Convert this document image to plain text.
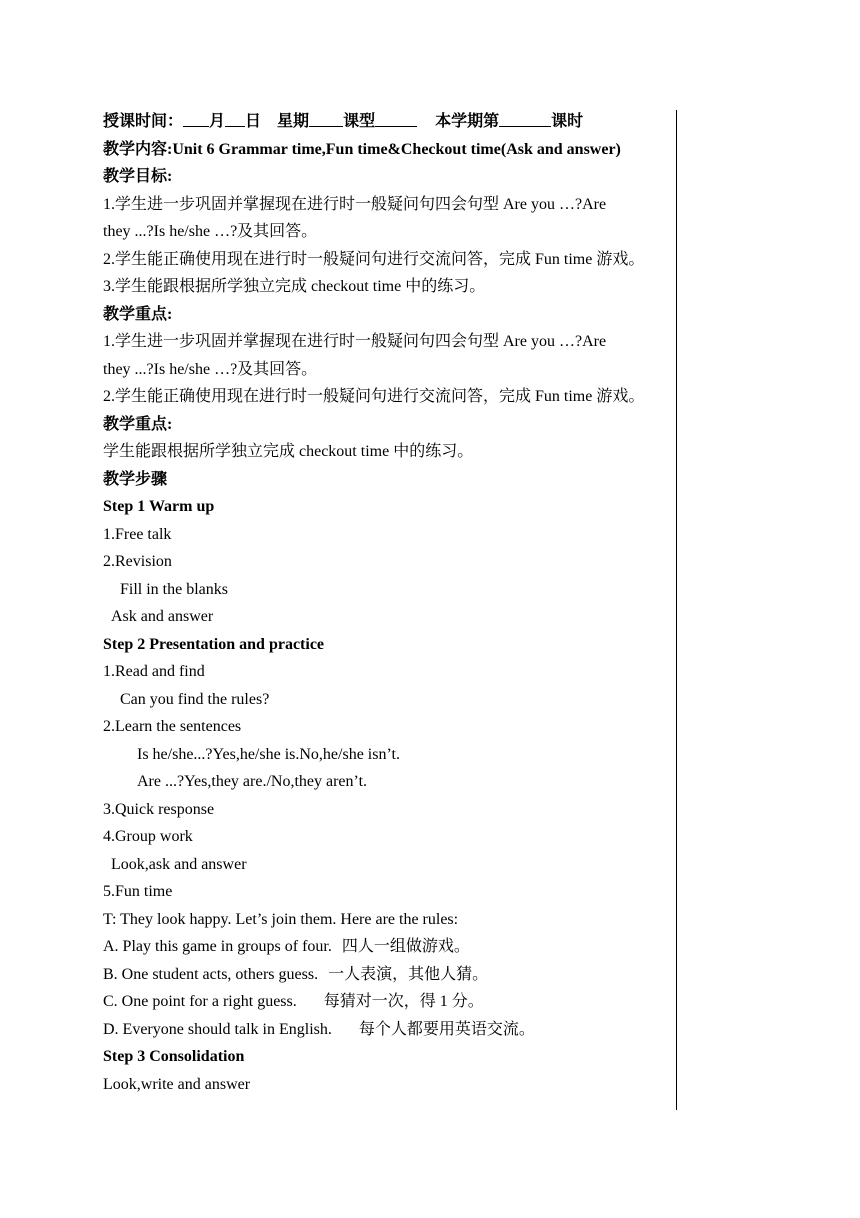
授课时间： 月 日 星期 课型	本学期第	课时
教学内容:Unit 6 Grammar time,Fun time&Checkout time(Ask and answer)
教学目标:
1.学生进一步巩固并掌握现在进行时一般疑问句四会句型 Are you …?Are
they ...?Is he/she …?及其回答。
2.学生能正确使用现在进行时一般疑问句进行交流问答，完成 Fun time 游戏。
3.学生能跟根据所学独立完成 checkout time 中的练习。
教学重点:
1.学生进一步巩固并掌握现在进行时一般疑问句四会句型 Are you …?Are
they ...?Is he/she …?及其回答。
2.学生能正确使用现在进行时一般疑问句进行交流问答，完成 Fun time 游戏。
教学重点:
学生能跟根据所学独立完成 checkout time 中的练习。
教学步骤
Step 1 Warm up
1.Free talk
2.Revision
Fill in the blanks
Ask and answer
Step 2 Presentation and practice
1.Read and find
Can you find the rules?
2.Learn the sentences
Is he/she...?Yes,he/she is.No,he/she isn’t.
Are ...?Yes,they are./No,they aren’t.
3.Quick response
4.Group work
Look,ask and answer
5.Fun time
T: They look happy. Let’s join them. Here are the rules:
A. Play this game in groups of four. 四人一组做游戏。
B. One student acts, others guess. 一人表演，其他人猜。
C. One point for a right guess. 每猜对一次，得 1 分。
D. Everyone should talk in English. 每个人都要用英语交流。
Step 3 Consolidation
Look,write and answer
